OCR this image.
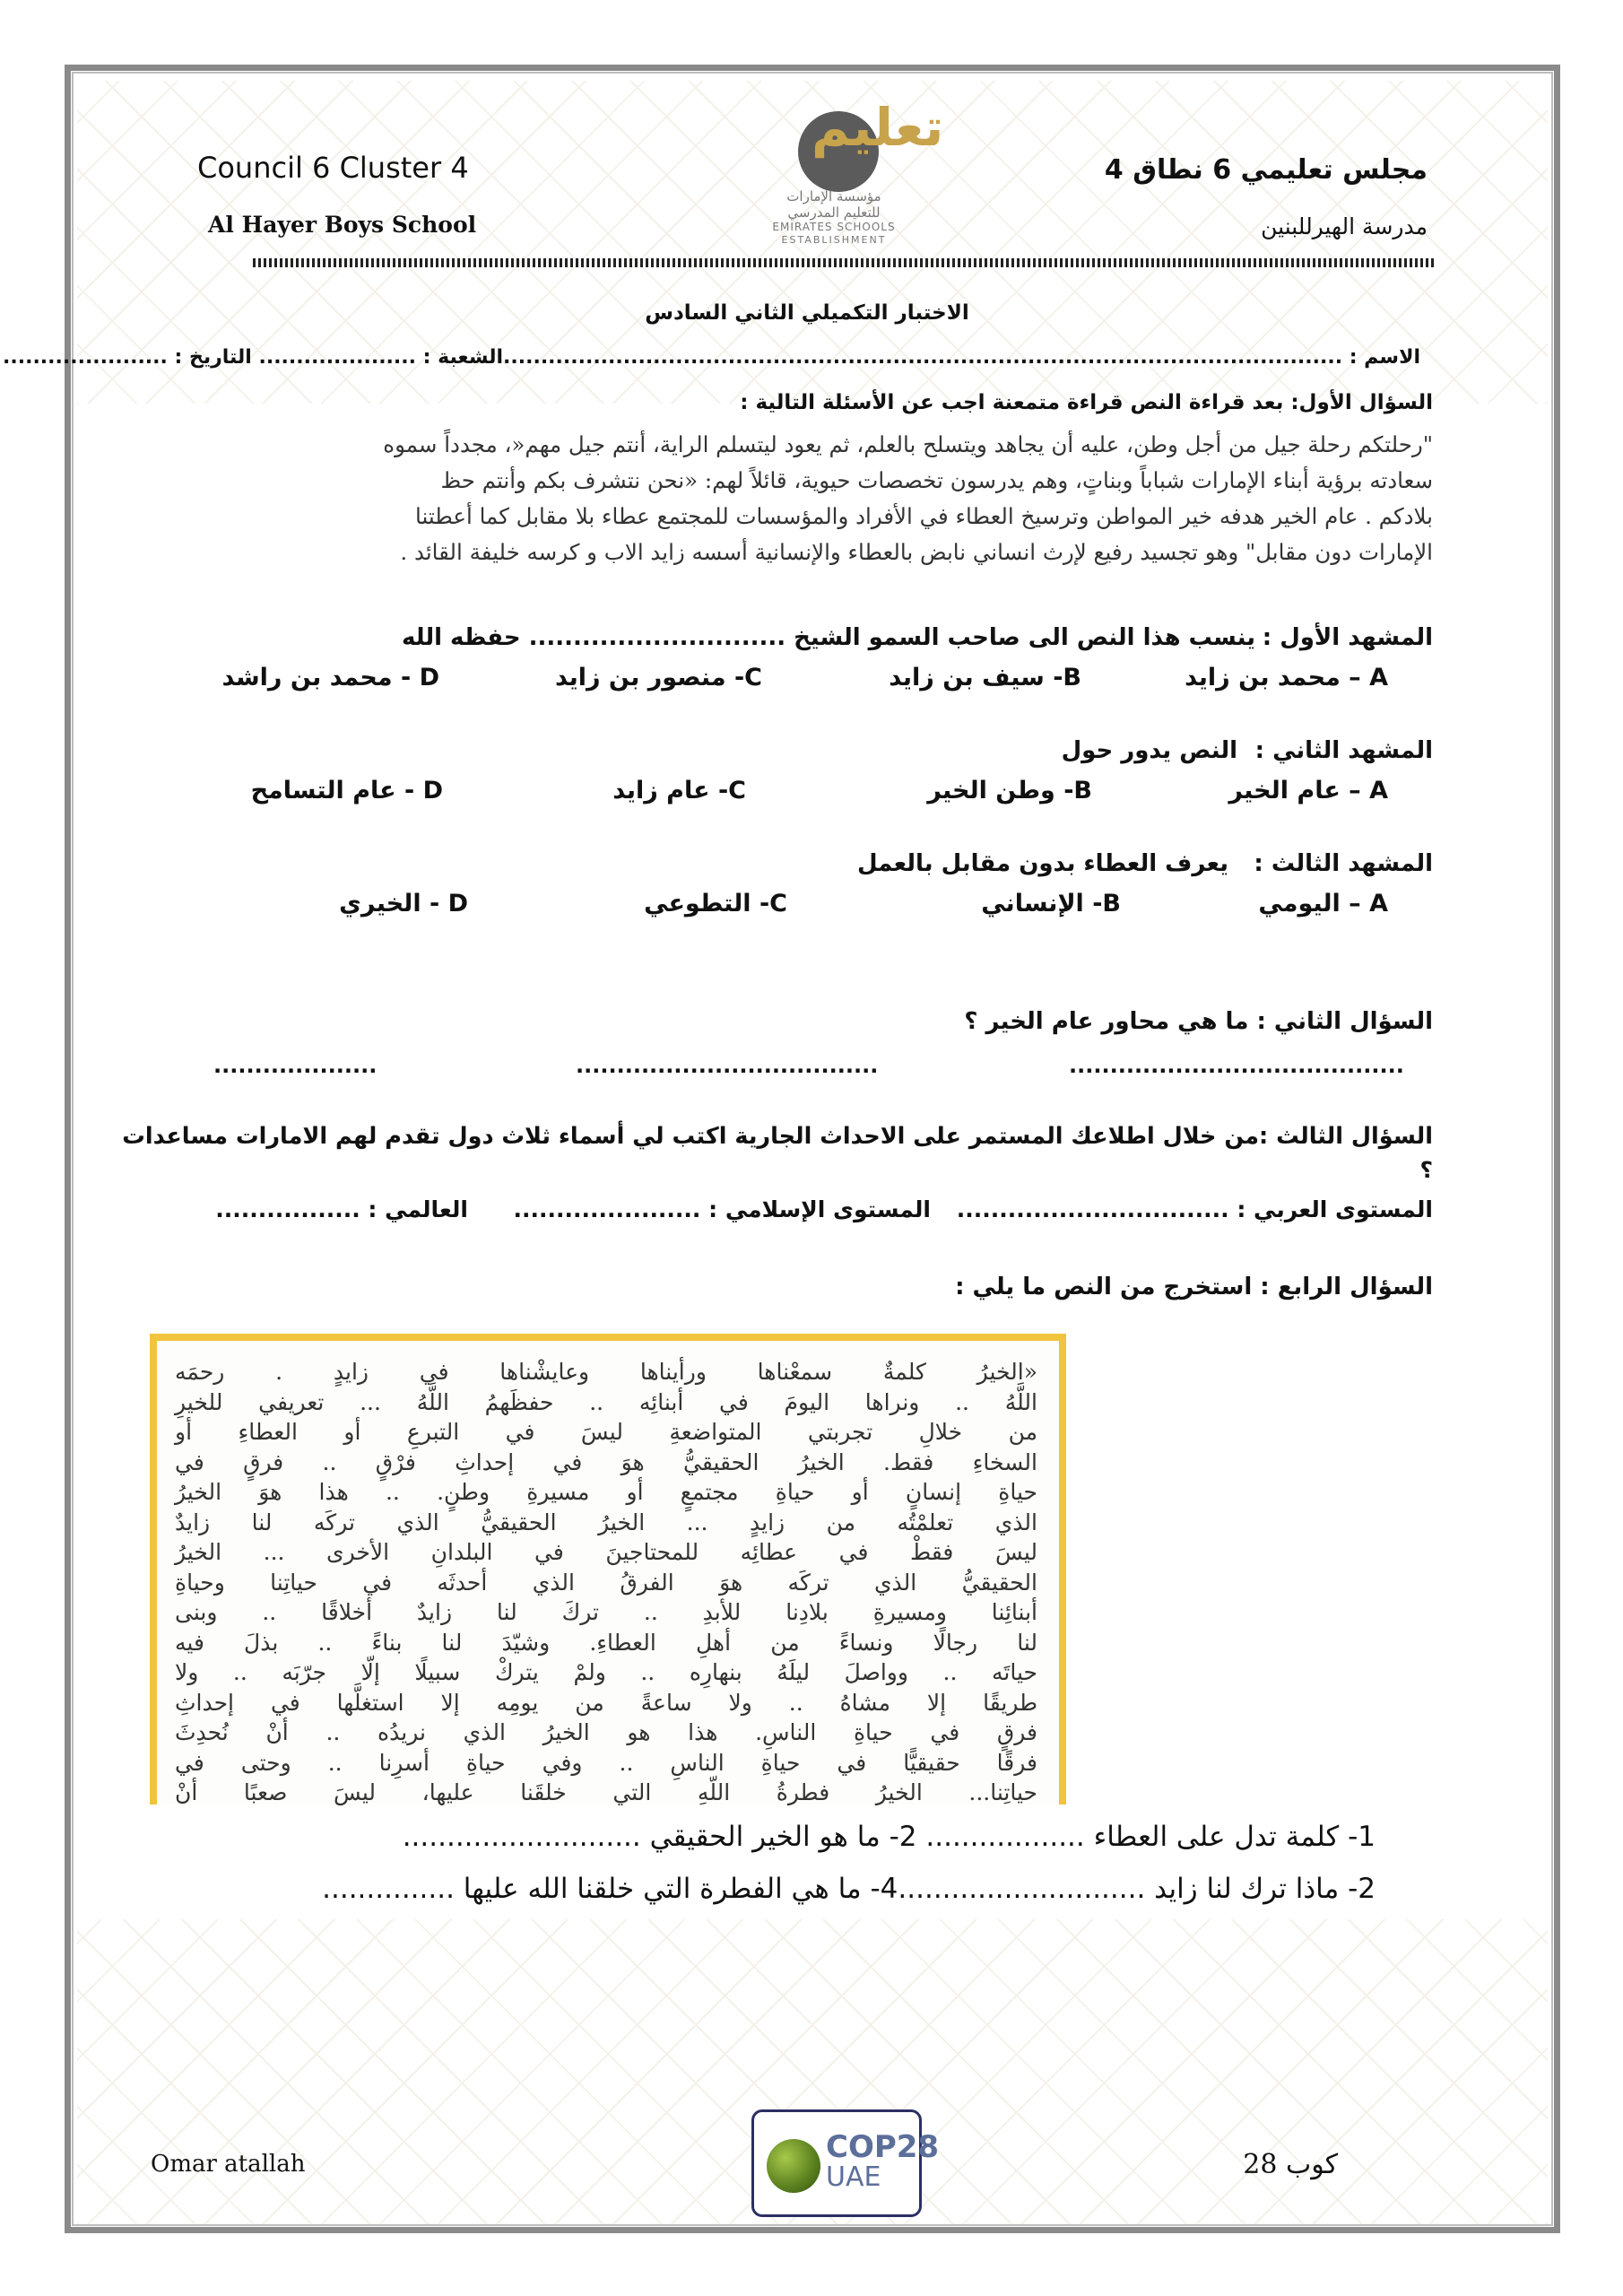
Council 6 Cluster 4
Al Hayer Boys School
مجلس تعليمي 6 نطاق 4
مدرسة الهيرللبنين
تعليم
مؤسسة الإمارات
للتعليم المدرسي
EMIRATES SCHOOLS
ESTABLISHMENT
الاختبار التكميلي الثاني السادس
الاسم : ................................................................................................................الشعبة : ..................... التاريخ : ......................
السؤال الأول: بعد قراءة النص قراءة متمعنة اجب عن الأسئلة التالية :
"رحلتكم رحلة جيل من أجل وطن، عليه أن يجاهد ويتسلح بالعلم، ثم يعود ليتسلم الراية، أنتم جيل مهم«، مجدداً سموه
سعادته برؤية أبناء الإمارات شباباً وبناتٍ، وهم يدرسون تخصصات حيوية، قائلاً لهم: «نحن نتشرف بكم وأنتم حظ
بلادكم . عام الخير هدفه خير المواطن وترسيخ العطاء في الأفراد والمؤسسات للمجتمع عطاء بلا مقابل كما أعطتنا
الإمارات دون مقابل" وهو تجسيد رفيع لإرث انساني نابض بالعطاء والإنسانية أسسه زايد الاب و كرسه خليفة القائد .
المشهد الأول :
ينسب هذا النص الى صاحب السمو الشيخ ............................. حفظه الله
A – محمد بن زايد
B- سيف بن زايد
C- منصور بن زايد
D - محمد بن راشد
المشهد الثاني :
النص يدور حول
A – عام الخير
B- وطن الخير
C- عام زايد
D - عام التسامح
المشهد الثالث :
يعرف العطاء بدون مقابل بالعمل
A – اليومي
B- الإنساني
C- التطوعي
D - الخيري
السؤال الثاني : ما هي محاور عام الخير ؟
.........................................
.....................................
....................
السؤال الثالث :من خلال اطلاعك المستمر على الاحداث الجارية اكتب لي أسماء ثلاث دول تقدم لهم الامارات مساعدات
؟
المستوى العربي : ................................
المستوى الإسلامي : ......................
العالمي : .................
السؤال الرابع : استخرج من النص ما يلي :
«الخيرُ كلمةٌ سمعْناها ورأيناها وعايشْناها في زايدٍ . رحمَه
اللَّهُ .. ونراها اليومَ في أبنائِه .. حفظَهمُ اللَّهُ ... تعريفي للخيرِ
من خلالِ تجربتي المتواضعةِ ليسَ في التبرعِ أو العطاءِ أو
السخاءِ فقط. الخيرُ الحقيقيُّ هوَ في إحداثِ فرْقٍ .. فرقٍ في
حياةِ إنسانٍ أو حياةِ مجتمعٍ أو مسيرةِ وطنٍ. .. هذا هوَ الخيرُ
الذي تعلمْتُه من زايدٍ ... الخيرُ الحقيقيُّ الذي تركَه لنا زايدٌ
ليسَ فقطْ في عطائِه للمحتاجينَ في البلدانِ الأخرى ... الخيرُ
الحقيقيُّ الذي تركَه هوَ الفرقُ الذي أحدثَه في حياتِنا وحياةِ
أبنائِنا ومسيرةِ بلادِنا للأبدِ .. تركَ لنا زايدٌ أخلاقًا .. وبنى
لنا رجالًا ونساءً من أهلِ العطاءِ. وشيّدَ لنا بناءً .. بذلَ فيه
حياتَه .. وواصلَ ليلَهُ بنهارِه .. ولمْ يتركْ سبيلًا إلّا جرّبَه .. ولا
طريقًا إلا مشاهُ .. ولا ساعةً من يومِه إلا استغلَّها في إحداثِ
فرقٍ في حياةِ الناسِ. هذا هو الخيرُ الذي نريدُه .. أنْ نُحدِثَ
فرقًا حقيقيًّا في حياةِ الناسِ .. وفي حياةِ أسرِنا .. وحتى في
حياتِنا... الخيرُ فطرةُ اللّهِ التي خلقَنا عليها، ليسَ صعبًا أنْ
1- كلمة تدل على العطاء .................. 2- ما هو الخير الحقيقي ...........................
2- ماذا ترك لنا زايد ............................4- ما هي الفطرة التي خلقنا الله عليها ...............
Omar atallah	كوب 28
COP28
UAE
